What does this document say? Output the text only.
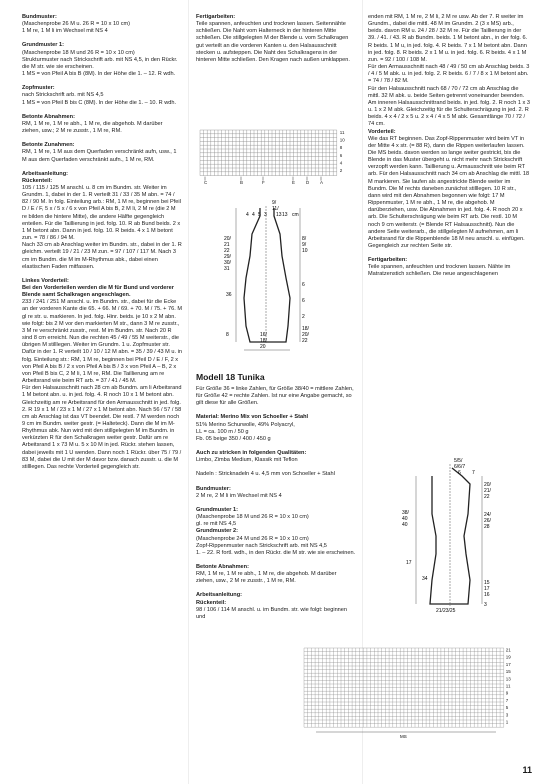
Bundmuster:

(Maschenprobe 26 M u. 26 R = 10 x 10 cm)
1 M re, 1 M li im Wechsel mit NS 4

Grundmuster 1:

(Maschenprobe 18 M und 26 R = 10 x 10 cm)
Strukturmuster nach Strickschrift arb. mit NS 4,5, in den Rückr. die M str. wie sie erscheinen.
1 MS = von Pfeil A bis B (8M). In der Höhe die 1. – 12. R wdh.

Zopfmuster:

nach Strickschrift arb. mit NS 4,5
1 MS = von Pfeil B bis C (8M). In der Höhe die 1. – 10. R wdh.

Betonte Abnahmen:

RM, 1 M re, 1 M re abh., 1 M re, die abgehob. M darüber ziehen, usw.; 2 M re zusstr., 1 M re, RM.

Betonte Zunahmen:

RM, 1 M re, 1 M aus dem Querfaden verschränkt aufn, usw., 1 M aus dem Querfaden verschränkt aufn., 1 M re, RM.

Arbeitsanleitung:
Rückenteil:

105 / 115 / 125 M anschl. u. 8 cm im Bundm. str. Weiter im Grundm. 1, dabei in der 1. R verteilt 31 / 33 / 35 M abn. = 74 / 82 / 90 M. In folg. Einteilung arb.: RM, 1 M re, beginnen bei Pfeil D / E / F, 5 x / 5 x / 6 x von Pfeil A bis B, 2 M li, 2 M re (die 2 M re bilden die hintere Mitte), die andere Hälfte gegengleich enteilen. Für die Taillierung in jed. folg. 10. R ab Bund beids. 2 x 1 M betont abn. Dann in jed. folg. 10. R beids. 4 x 1 M betont zun. = 78 / 86 / 94 M.
Nach 33 cm ab Anschlag weiter im Bundm. str., dabei in der 1. R gleichm. verteilt 19 / 21 / 23 M zun. = 97 / 107 / 117 M. Nach 3 cm im Bundm. die M im M-Rhythmus abk., dabei einen elastischen Faden mitfassen.

Linkes Vorderteil:

Bei den Vorderteilen werden die M für Bund und vorderer Blende samt Schalkragen angeschlagen.

233 / 241 / 251 M anschl. u. im Bundm. str., dabei für die Ecke an der vorderen Kante die 65. + 66. M / 69. + 70. M / 75. + 76. M gl re str. u. markieren. In jed. folg. Hinr. beids. je 10 x 2 M abn. wie folgt: bis 2 M vor den markierten M str., dann 3 M re zusstr., 3 M re verschränkt zusstr., rest. M im Bundm. str. Nach 20 R sind 8 cm erreicht. Nun die rechten 45 / 49 / 55 M weiterstr., die übrigen M stilllegen. Weiter im Grundm. 1 u. Zopfmuster str. Dafür in der 1. R verteilt 10 / 10 / 12 M abn. = 35 / 39 / 43 M u. in folg. Einteilung str.: RM, 1 M re, beginnen bei Pfeil D / E / F, 2 x von Pfeil A bis B / 2 x von Pfeil A bis B / 3 x von Pfeil A – B, 2 x von Pfeil B bis C, 2 M li, 1 M re, RM. Die Taillierung am re Arbeitsrand wie beim RT arb. = 37 / 41 / 45 M.
Für den Halsausschnitt nach 28 cm ab Bundm. am li Arbeitsrand 1 M betont abn. u. in jed. folg. 4. R noch 10 x 1 M betont abn. Gleichzeitig am re Arbeitsrand für den Armausschnitt in jed. folg. 2. R 19 x 1 M / 23 x 1 M / 27 x 1 M betont abn. Nach 56 / 57 / 58 cm ab Anschlag ist das VT beendet. Die restl. 7 M werden noch 9 cm im Bundm. weiter gestr. (= Halteteck). Dann die M im M-Rhythmus abk. Nun wird mit den stillgelegten M im Bundm. in verkürzten R für den Schalkragen weiter gestr. Dafür am re Arbeitsrand 1 x 73 M u. 5 x 10 M in jed. Rückr. stehen lassen, dabei jeweils mit 1 U wenden. Dann noch 1 Rückr. über 75 / 79 / 83 M, dabei die U mit der M davor bzw. danach zusstr. u. die M stilllegen. Das rechte Vorderteil gegengleich str.

Fertigarbeiten:

Teile spannen, anfeuchten und trocknen lassen. Seitennähte schließen. Die Naht vom Halterneck in der hinteren Mitte schließen. Die stillgelegten M der Blende u. vom Schalkragen gut verteilt an die vorderen Kanten u. den Halsausschnitt stecken u. aufsteppen. Die Naht des Schalkragens in der hinteren Mitte schließen. Den Kragen nach außen umklappen.

11
10
8
6
4
2
C	B	F	E D A
9/
11/
13
4 4 5 3	13 cm
20/
21
22
8/
9/
10
29/
30/
31
36
6
6
2
18/
20/
22
16/
18/
20
8
Modell 18 Tunika

Für Größe 36 = linke Zahlen, für Größe 38/40 = mittlere Zahlen, für Größe 42 = rechte Zahlen. Ist nur eine Angabe gemacht, so gilt diese für alle Größen.

Material: Merino Mix von Schoeller + Stahl

51% Merino Schurwolle, 49% Polyacryl,
LL = ca. 100 m / 50 g
Fb. 05 beige 350 / 400 / 450 g

Auch zu stricken in folgenden Qualitäten:

Limbo, Zimba Medium, Klassik mit Teflon

Nadeln : Stricknadeln 4 u. 4,5 mm von Schoeller + Stahl

Bundmuster:

2 M re, 2 M li im Wechsel mit NS 4

Grundmuster 1:

(Maschenprobe 18 M und 26 R = 10 x 10 cm)
gl. re mit NS 4,5

Grundmuster 2:

(Maschenprobe 24 M und 26 R = 10 x 10 cm)
Zopf-Rippenmuster nach Strickschrift arb. mit NS 4,5
1. – 22. R fortl. wdh., in den Rückr. die M str. wie sie erscheinen.

Betonte Abnahmen:

RM, 1 M re, 1 M re abh., 1 M re, die abgehob. M darüber ziehen, usw., 2 M re zusstr., 1 M re, RM.

Arbeitsanleitung:
Rückenteil:

98 / 106 / 114 M anschl. u. im Bundm. str. wie folgt: beginnen und

enden mit RM, 1 M re, 2 M li, 2 M re usw. Ab der 7. R weiter im Grundm., dabei die mittl. 48 M im Grundm. 2 (3 x MS) arb., beids. davon RM u. 24 / 28 / 32 M re. Für die Taillierung in der 39. / 41. / 43. R ab Bundm. beids. 1 M betont abn., in der folg. 6. R beids. 1 M u, in jed. folg. 4. R beids. 7 x 1 M betont abn. Dann in jed. folg. 8. R beids. 2 x 1 M u. in jed. folg. 6. R beids. 4 x 1 M zun. = 92 / 100 / 108 M.
Für den Armausschnitt nach 48 / 49 / 50 cm ab Anschlag beids. 3 / 4 / 5 M abk. u. in jed. folg. 2. R beids. 6 / 7 / 8 x 1 M betont abn. = 74 / 78 / 82 M.
Für den Halsausschnitt nach 68 / 70 / 72 cm ab Anschlag die mittl. 32 M abk. u. beide Seiten getrennt voneinander beenden. Am inneren Halsausschnittrand beids. in jed. folg. 2. R noch 1 x 3 u. 1 x 2 M abk. Gleichzeitig für die Schulterschrägung in jed. 2. R beids. 4 x 4 / 2 x 5 u. 2 x 4 / 4 x 5 M abk. Gesamtlänge 70 / 72 / 74 cm.

Vorderteil:

Wie das RT beginnen. Das Zopf-Rippenmuster wird beim VT in der Mitte 4 x str. (= 88 R), dann die Rippen weiterlaufen lassen. Die MS beids. davon werden so lange weiter gestrickt, bis die Blende in das Muster übergeht u. nicht mehr nach Strickschrift verzopft werden kann. Taillierung u. Armausschnitt wie beim RT arb. Für den Halsausschnitt nach 34 cm ab Anschlag die mittl. 18 M markieren. Sie laufen als angestrickte Blende weiter im Bundm. Die M rechts daneben zunächst stilllegen. 10 R str., dann wird mit den Abnahmen begonnen wie folgt: 17 M Rippenmuster, 1 M re abh., 1 M re, die abgehob. M darüberziehen, usw. Die Abnahmen in jed. folg. 4. R noch 20 x arb. Die Schulterschrägung wie beim RT arb. Die restl. 10 M noch 9 cm weiterstr. (= Blende RT Halsausschnitt). Nun die andere Seite weiterarb., die stillgelegten M aufnehmen, am li Arbeitsrand für die Rippenblende 18 M neu anschl. u. einfügen. Gegengleich zur rechten Seite str.

Fertigarbeiten:

Teile spannen, anfeuchten und trocknen lassen. Nähte im Matratzenstich schließen. Die neue angeschlagenen

5/5/
6/6/7
6 7
20/
21/
22
38/
40
40
24/
26/
28
34
17
15
17
16
21/23/25
3
21
19
17
15
13
11
9
7
5
3
1
MS
11
